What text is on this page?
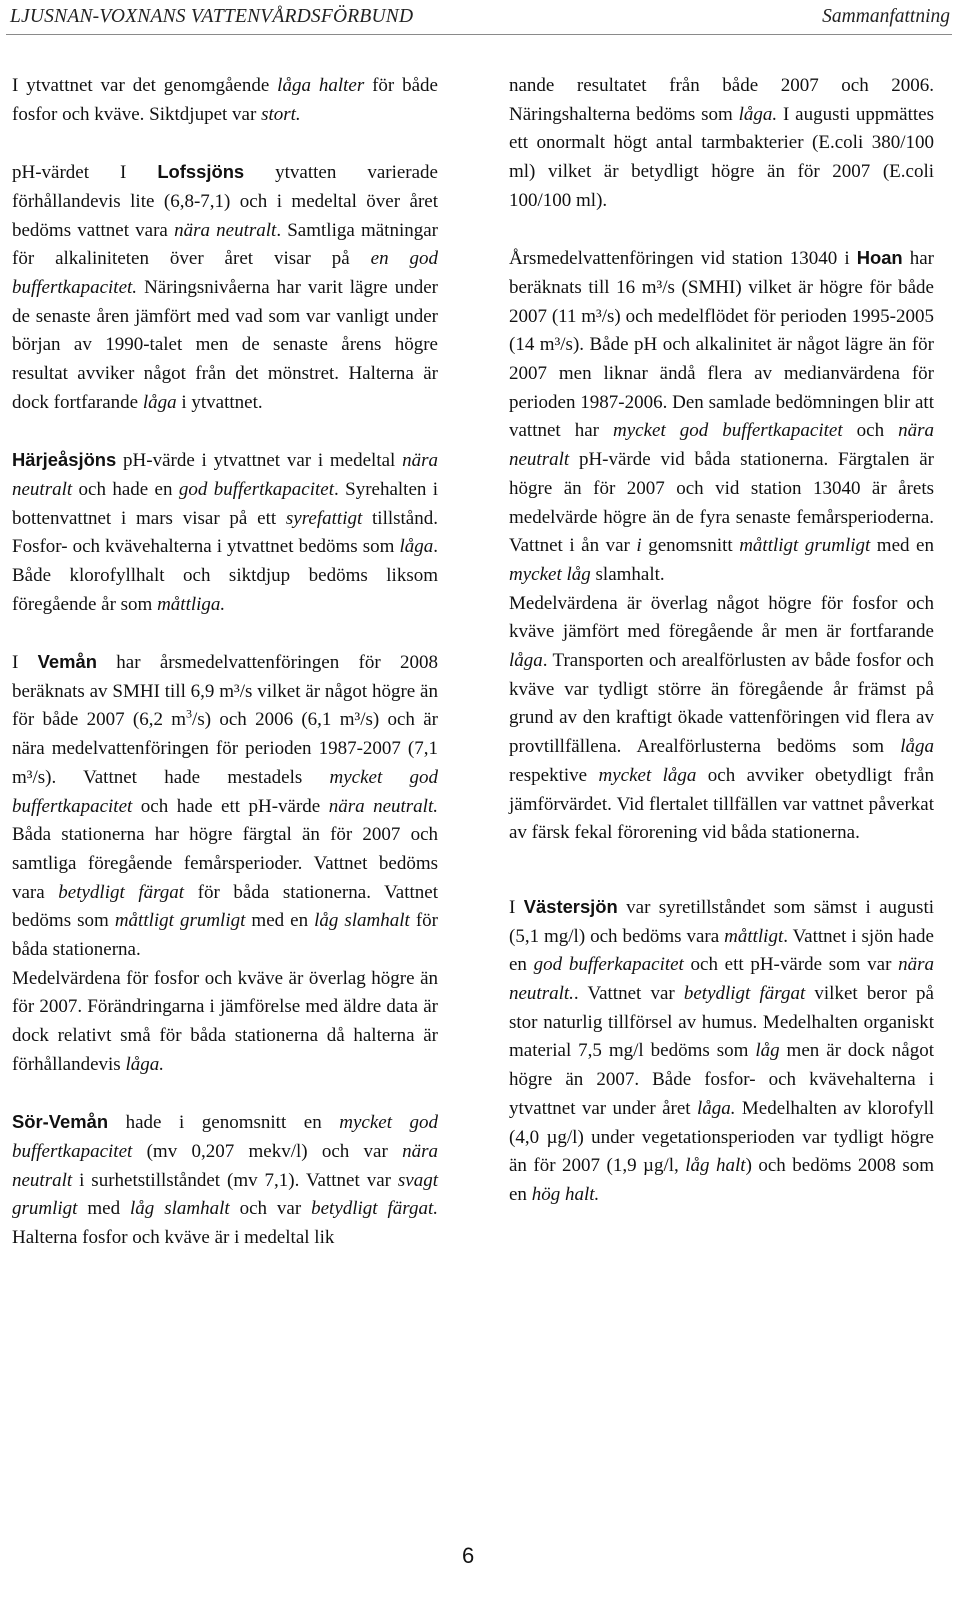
LJUSNAN-VOXNANS VATTENVÅRDSFÖRBUND	Sammanfattning

I ytvattnet var det genomgående låga halter för både fosfor och kväve. Siktdjupet var stort.

pH-värdet I Lofssjöns ytvatten varierade förhållandevis lite (6,8-7,1) och i medeltal över året bedöms vattnet vara nära neutralt. Samtliga mätningar för alkaliniteten över året visar på en god buffertkapacitet. Näringsnivåerna har varit lägre under de senaste åren jämfört med vad som var vanligt under början av 1990-talet men de senaste årens högre resultat avviker något från det mönstret. Halterna är dock fortfarande låga i ytvattnet.

Härjeåsjöns pH-värde i ytvattnet var i medeltal nära neutralt och hade en god buffertkapacitet. Syrehalten i bottenvattnet i mars visar på ett syrefattigt tillstånd. Fosfor- och kvävehalterna i ytvattnet bedöms som låga. Både klorofyllhalt och siktdjup bedöms liksom föregående år som måttliga.

I Vemån har årsmedelvattenföringen för 2008 beräknats av SMHI till 6,9 m³/s vilket är något högre än för både 2007 (6,2 $m^3/s$) och 2006 (6,1 m³/s) och är nära medelvattenföringen för perioden 1987-2007 (7,1 m³/s). Vattnet hade mestadels mycket god buffertkapacitet och hade ett pH-värde nära neutralt. Båda stationerna har högre färgtal än för 2007 och samtliga föregående femårsperioder. Vattnet bedöms vara betydligt färgat för båda stationerna. Vattnet bedöms som måttligt grumligt med en låg slamhalt för båda stationerna.

Medelvärdena för fosfor och kväve är överlag högre än för 2007. Förändringarna i jämförelse med äldre data är dock relativt små för båda stationerna då halterna är förhållandevis låga.

Sör-Vemån hade i genomsnitt en mycket god buffertkapacitet (mv 0,207 mekv/l) och var nära neutralt i surhetstillståndet (mv 7,1). Vattnet var svagt grumligt med låg slamhalt och var betydligt färgat. Halterna fosfor och kväve är i medeltal lik

nande resultatet från både 2007 och 2006. Näringshalterna bedöms som låga. I augusti uppmättes ett onormalt högt antal tarmbakterier (E.coli 380/100 ml) vilket är betydligt högre än för 2007 (E.coli 100/100 ml).

Årsmedelvattenföringen vid station 13040 i Hoan har beräknats till 16 m³/s (SMHI) vilket är högre för både 2007 (11 m³/s) och medelflödet för perioden 1995-2005 (14 m³/s). Både pH och alkalinitet är något lägre än för 2007 men liknar ändå flera av medianvärdena för perioden 1987-2006. Den samlade bedömningen blir att vattnet har mycket god buffertkapacitet och nära neutralt pH-värde vid båda stationerna. Färgtalen är högre än för 2007 och vid station 13040 är årets medelvärde högre än de fyra senaste femårsperioderna. Vattnet i ån var i genomsnitt måttligt grumligt med en mycket låg slamhalt.

Medelvärdena är överlag något högre för fosfor och kväve jämfört med föregående år men är fortfarande låga. Transporten och arealförlusten av både fosfor och kväve var tydligt större än föregående år främst på grund av den kraftigt ökade vattenföringen vid flera av provtillfällena. Arealförlusterna bedöms som låga respektive mycket låga och avviker obetydligt från jämförvärdet. Vid flertalet tillfällen var vattnet påverkat av färsk fekal förorening vid båda stationerna.

I Västersjön var syretillståndet som sämst i augusti (5,1 mg/l) och bedöms vara måttligt. Vattnet i sjön hade en god bufferkapacitet och ett pH-värde som var nära neutralt.. Vattnet var betydligt färgat vilket beror på stor naturlig tillförsel av humus. Medelhalten organiskt material 7,5 mg/l bedöms som låg men är dock något högre än 2007. Både fosfor- och kvävehalterna i ytvattnet var under året låga. Medelhalten av klorofyll (4,0 µg/l) under vegetationsperioden var tydligt högre än för 2007 (1,9 µg/l, låg halt) och bedöms 2008 som en hög halt.

6
